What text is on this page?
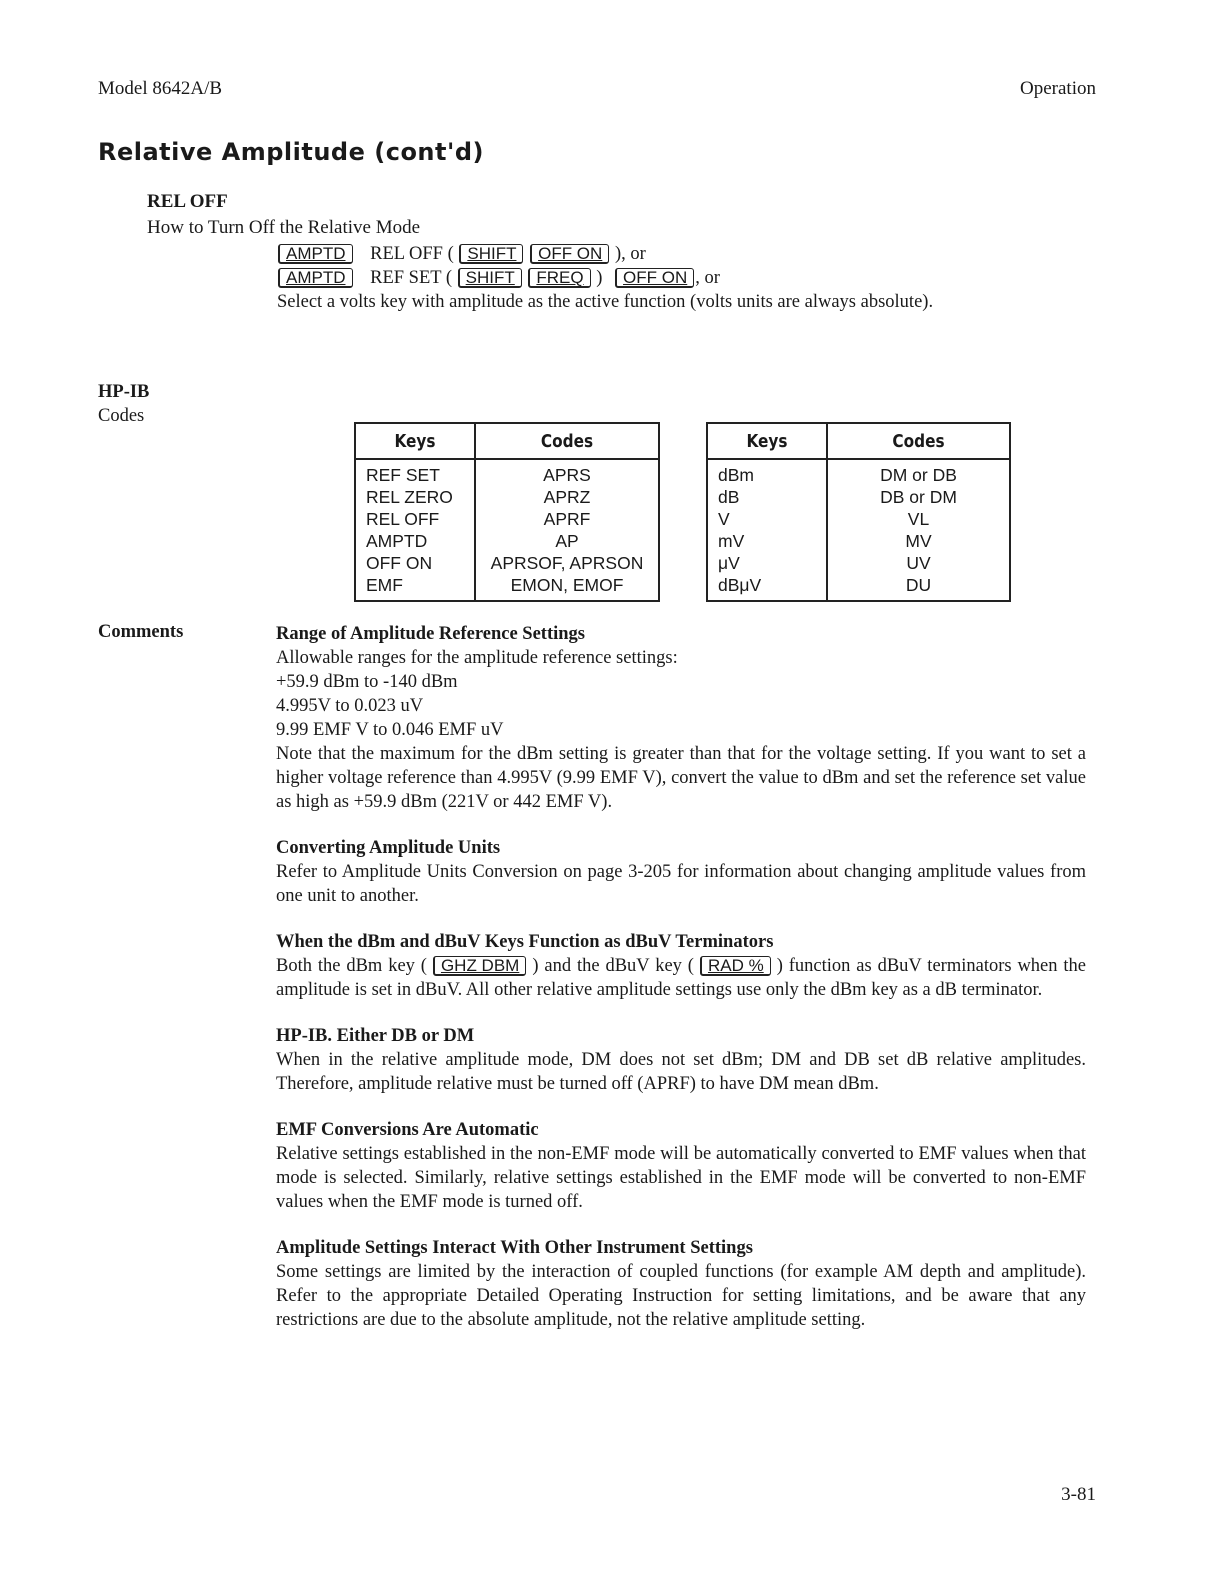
Model 8642A/B	Operation
Relative Amplitude (cont'd)
REL OFF
How to Turn Off the Relative Mode
AMPTD REL OFF ( SHIFT OFF ON ), or
AMPTD REF SET ( SHIFT FREQ ) OFF ON , or
Select a volts key with amplitude as the active function (volts units are always absolute).
HP-IB
Codes
Keys	Codes
REF SET	APRS
REL ZERO	APRZ
REL OFF	APRF
AMPTD	AP
OFF ON	APRSOF, APRSON
EMF	EMON, EMOF
Keys	Codes
dBm	DM or DB
dB	DB or DM
V	VL
mV	MV
μV	UV
dBμV	DU
Comments	Range of Amplitude Reference Settings
Allowable ranges for the amplitude reference settings:
+59.9 dBm to -140 dBm
4.995V to 0.023 uV
9.99 EMF V to 0.046 EMF uV

Note that the maximum for the dBm setting is greater than that for the voltage setting. If you want to set a higher voltage reference than 4.995V (9.99 EMF V), convert the value to dBm and set the reference set value as high as +59.9 dBm (221V or 442 EMF V).

Converting Amplitude Units

Refer to Amplitude Units Conversion on page 3-205 for information about changing amplitude values from one unit to another.

When the dBm and dBuV Keys Function as dBuV Terminators

Both the dBm key ( GHZ DBM ) and the dBuV key ( RAD % ) function as dBuV terminators when the amplitude is set in dBuV. All other relative amplitude settings use only the dBm key as a dB terminator.

HP-IB. Either DB or DM

When in the relative amplitude mode, DM does not set dBm; DM and DB set dB relative amplitudes. Therefore, amplitude relative must be turned off (APRF) to have DM mean dBm.

EMF Conversions Are Automatic

Relative settings established in the non-EMF mode will be automatically converted to EMF values when that mode is selected. Similarly, relative settings established in the EMF mode will be converted to non-EMF values when the EMF mode is turned off.

Amplitude Settings Interact With Other Instrument Settings

Some settings are limited by the interaction of coupled functions (for example AM depth and amplitude). Refer to the appropriate Detailed Operating Instruction for setting limitations, and be aware that any restrictions are due to the absolute amplitude, not the relative amplitude setting.

3-81
